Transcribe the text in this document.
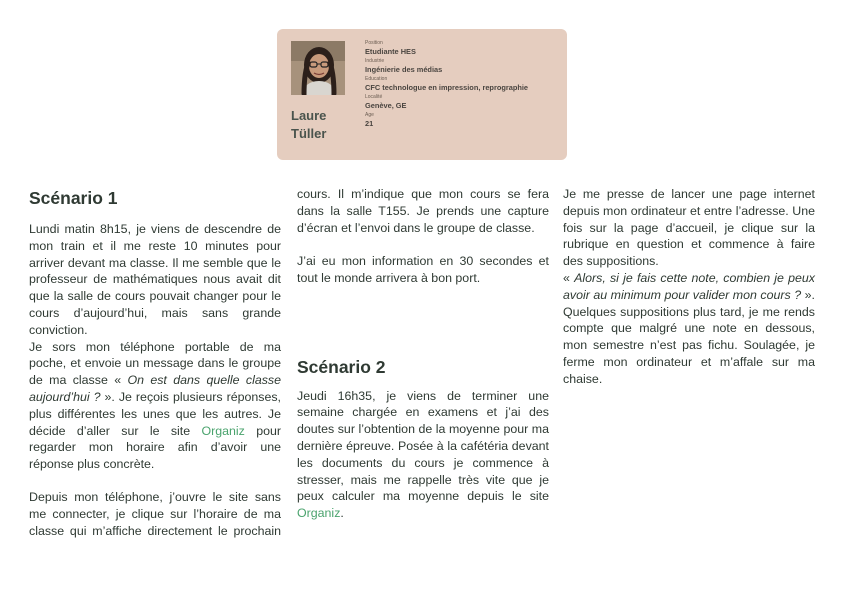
Laure
Tüller
Position
Etudiante HES
Industrie
Ingénierie des médias
Education
CFC technologue en impression, reprographie
Localité
Genève, GE
Age
21
Scénario 1

Lundi matin 8h15, je viens de descendre de mon train et il me reste 10 minutes pour arriver devant ma classe. Il me semble que le professeur de mathématiques nous avait dit que la salle de cours pouvait changer pour le cours d’aujourd’hui, mais sans grande conviction.

Je sors mon téléphone portable de ma poche, et envoie un message dans le groupe de ma classe « On est dans quelle classe aujourd’hui ? ». Je reçois plusieurs réponses, plus différentes les unes que les autres. Je décide d’aller sur le site Organiz pour regarder mon horaire afin d’avoir une réponse plus concrète.

Depuis mon téléphone, j’ouvre le site sans me connecter, je clique sur l’horaire de ma classe qui m’affiche directement le prochain

cours. Il m’indique que mon cours se fera dans la salle T155. Je prends une capture d’écran et l’envoi dans le groupe de classe.

J’ai eu mon information en 30 secondes et tout le monde arrivera à bon port.

Scénario 2

Jeudi 16h35, je viens de terminer une semaine chargée en examens et j’ai des doutes sur l’obtention de la moyenne pour ma dernière épreuve. Posée à la cafétéria devant les documents du cours je commence à stresser, mais me rappelle très vite que je peux calculer ma moyenne depuis le site Organiz.

Je me presse de lancer une page internet depuis mon ordinateur et entre l’adresse. Une fois sur la page d’accueil, je clique sur la rubrique en question et commence à faire des suppositions.

« Alors, si je fais cette note, combien je peux avoir au minimum pour valider mon cours ? ». Quelques suppositions plus tard, je me rends compte que malgré une note en dessous, mon semestre n’est pas fichu. Soulagée, je ferme mon ordinateur et m’affale sur ma chaise.
